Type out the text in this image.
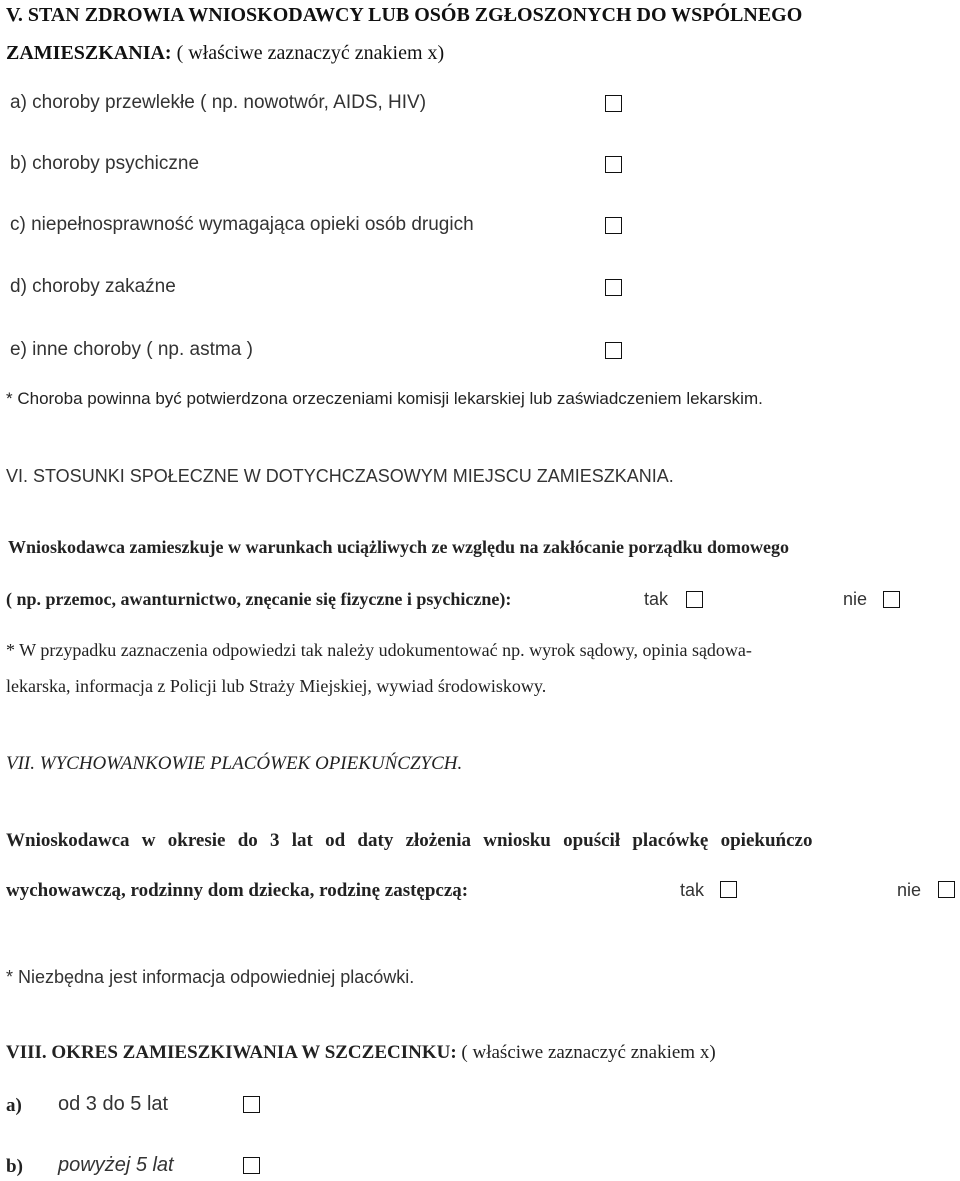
V. STAN ZDROWIA WNIOSKODAWCY LUB OSÓB ZGŁOSZONYCH DO WSPÓLNEGO
ZAMIESZKANIA: ( właściwe zaznaczyć znakiem x)
a) choroby przewlekłe ( np. nowotwór, AIDS, HIV)
b) choroby psychiczne
c) niepełnosprawność wymagająca opieki osób drugich
d) choroby zakaźne
e) inne choroby ( np. astma )
* Choroba powinna być potwierdzona orzeczeniami komisji lekarskiej lub zaświadczeniem lekarskim.
VI. STOSUNKI SPOŁECZNE W DOTYCHCZASOWYM MIEJSCU ZAMIESZKANIA.
Wnioskodawca zamieszkuje w warunkach uciążliwych ze względu na zakłócanie porządku domowego
( np. przemoc, awanturnictwo, znęcanie się fizyczne i psychiczne):	tak	nie
* W przypadku zaznaczenia odpowiedzi tak należy udokumentować np. wyrok sądowy, opinia sądowa-
lekarska, informacja z Policji lub Straży Miejskiej, wywiad środowiskowy.
VII. WYCHOWANKOWIE PLACÓWEK OPIEKUŃCZYCH.
Wnioskodawca w okresie do 3 lat od daty złożenia wniosku opuścił placówkę opiekuńczo
wychowawczą, rodzinny dom dziecka, rodzinę zastępczą:	tak	nie
* Niezbędna jest informacja odpowiedniej placówki.
VIII. OKRES ZAMIESZKIWANIA W SZCZECINKU: ( właściwe zaznaczyć znakiem x)
a) od 3 do 5 lat
b) powyżej 5 lat
